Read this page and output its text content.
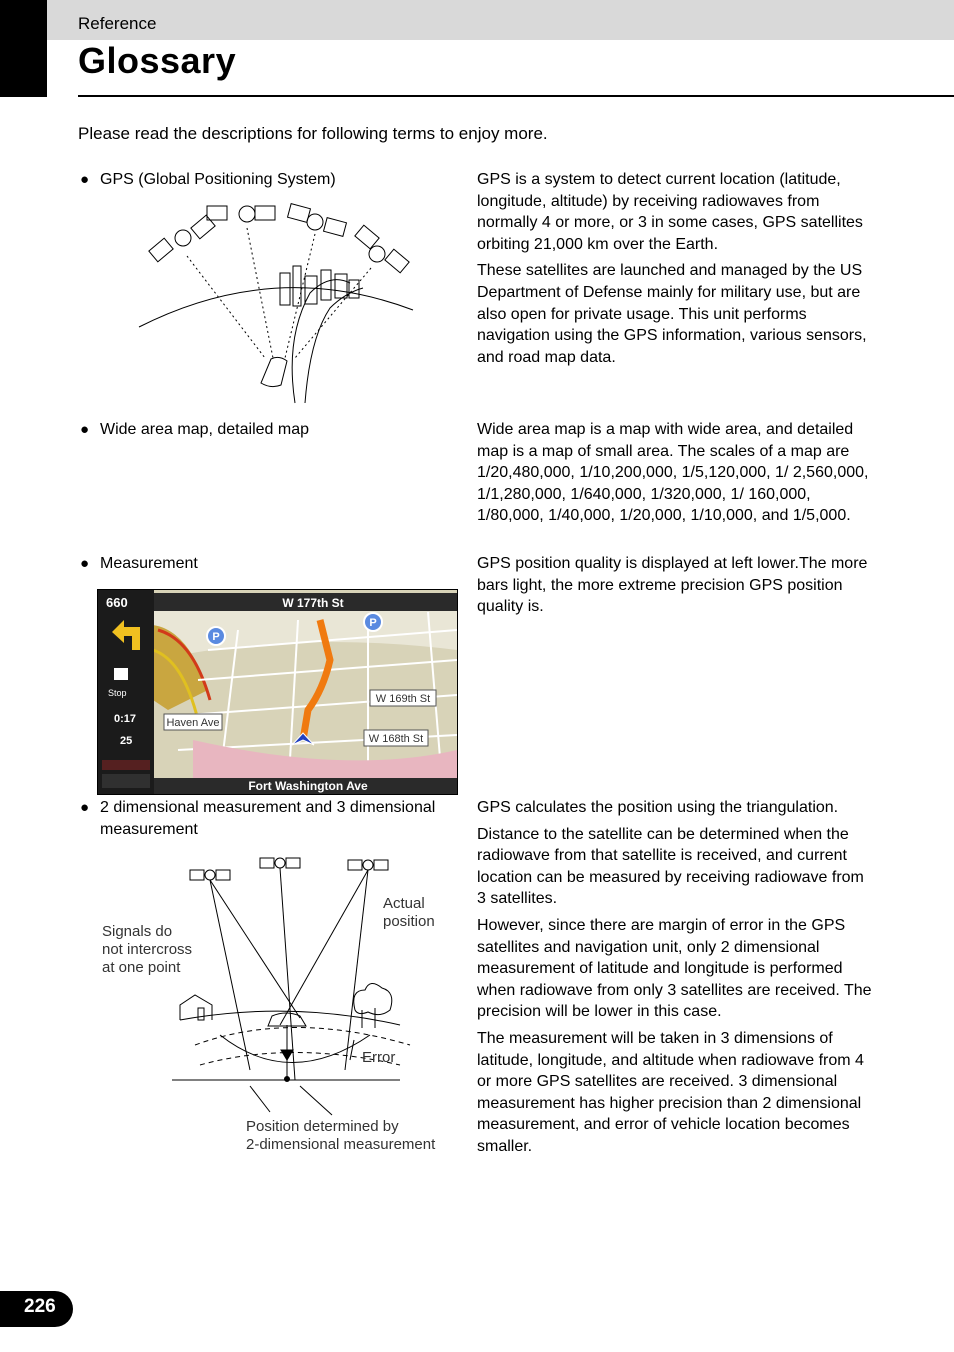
Reference
Glossary
Please read the descriptions for following terms to enjoy more.
● GPS (Global Positioning System)	GPS is a system to detect current location (latitude, longitude, altitude) by receiving radiowaves from normally 4 or more, or 3 in some cases, GPS satellites orbiting 21,000 km over the Earth.

These satellites are launched and managed by the US Department of Defense mainly for military use, but are also open for private usage. This unit performs navigation using the GPS information, various sensors, and road map data.

● Wide area map, detailed map	Wide area map is a map with wide area, and detailed map is a map of small area. The scales of a map are 1/20,480,000, 1/10,200,000, 1/5,120,000, 1/ 2,560,000, 1/1,280,000, 1/640,000, 1/320,000, 1/ 160,000, 1/80,000, 1/40,000, 1/20,000, 1/10,000, and 1/5,000.

● Measurement	GPS position quality is displayed at left lower.The more bars light, the more extreme precision GPS position quality is.

P
P
W 177th St
Haven Ave
W 169th St
W 168th St
Fort Washington Ave
660
Stop
0:17
25
● 2 dimensional measurement and 3 dimensional measurement

GPS calculates the position using the triangulation.

Distance to the satellite can be determined when the radiowave from that satellite is received, and current location can be measured by receiving radiowave from 3 satellites.

However, since there are margin of error in the GPS satellites and navigation unit, only 2 dimensional measurement of latitude and longitude is performed when radiowave from only 3 satellites are received. The precision will be lower in this case.

The measurement will be taken in 3 dimensions of latitude, longitude, and altitude when radiowave from 4 or more GPS satellites are received. 3 dimensional measurement has higher precision than 2 dimensional measurement, and error of vehicle location becomes smaller.

Actual
position
Signals do
not intercross
at one point
Error
Position determined by
2-dimensional measurement
226
